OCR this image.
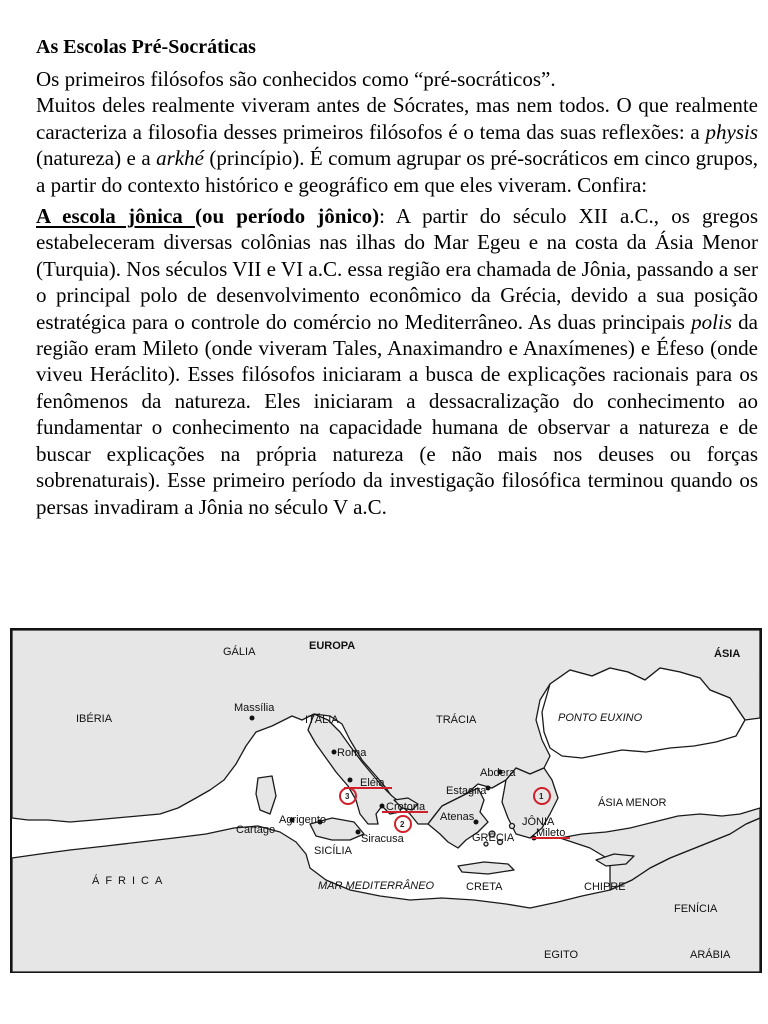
As Escolas Pré-Socráticas

Os primeiros filósofos são conhecidos como “pré-socráticos”.
Muitos deles realmente viveram antes de Sócrates, mas nem todos. O que realmente caracteriza a filosofia desses primeiros filósofos é o tema das suas reflexões: a physis (natureza) e a arkhé (princípio). É comum agrupar os pré-socráticos em cinco grupos, a partir do contexto histórico e geográfico em que eles viveram. Confira:

A escola jônica (ou período jônico): A partir do século XII a.C., os gregos estabeleceram diversas colônias nas ilhas do Mar Egeu e na costa da Ásia Menor (Turquia). Nos séculos VII e VI a.C. essa região era chamada de Jônia, passando a ser o principal polo de desenvolvimento econômico da Grécia, devido a sua posição estratégica para o controle do comércio no Mediterrâneo. As duas principais polis da região eram Mileto (onde viveram Tales, Anaximandro e Anaxímenes) e Éfeso (onde viveu Heráclito). Esses filósofos iniciaram a busca de explicações racionais para os fenômenos da natureza. Eles iniciaram a dessacralização do conhecimento ao fundamentar o conhecimento na capacidade humana de observar a natureza e de buscar explicações na própria natureza (e não mais nos deuses ou forças sobrenaturais). Esse primeiro período da investigação filosófica terminou quando os persas invadiram a Jônia no século V a.C.

3
2
1
GÁLIA	EUROPA
ÁSIA
IBÉRIA	ITÁLIA	TRÁCIA	PONTO EUXINO
ÁSIA MENOR
JÔNIA
GRÉCIA
SICÍLIA
ÁFRICA	MAR MEDITERRÂNEO	CRETA	CHIPRE
FENÍCIA
EGITO	ARÁBIA
Massília
Roma
Eléia
Crotona
Agrigento
Cartago
Siracusa
Abdera
Estagira
Atenas
Mileto
